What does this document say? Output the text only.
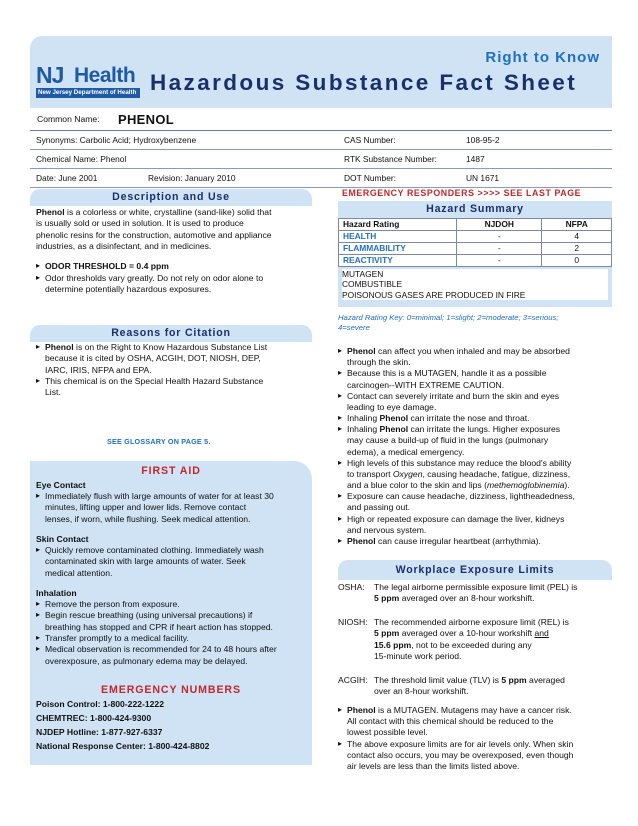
NJ Health
New Jersey Department of Health
Right to Know
Hazardous Substance Fact Sheet
Common Name: PHENOL
Synonyms: Carbolic Acid; Hydroxybenzene	CAS Number:	108-95-2
Chemical Name: Phenol	RTK Substance Number:	1487
Date: June 2001	Revision: January 2010	DOT Number:	UN 1671
Description and Use
Phenol is a colorless or white, crystalline (sand-like) solid that
is usually sold or used in solution. It is used to produce
phenolic resins for the construction, automotive and appliance
industries, as a disinfectant, and in medicines.
▸ ODOR THRESHOLD = 0.4 ppm
▸ Odor thresholds vary greatly. Do not rely on odor alone to
determine potentially hazardous exposures.
Reasons for Citation
▸ Phenol is on the Right to Know Hazardous Substance List
because it is cited by OSHA, ACGIH, DOT, NIOSH, DEP,
IARC, IRIS, NFPA and EPA.
▸ This chemical is on the Special Health Hazard Substance
List.
SEE GLOSSARY ON PAGE 5.
FIRST AID
Eye Contact
▸ Immediately flush with large amounts of water for at least 30
minutes, lifting upper and lower lids. Remove contact
lenses, if worn, while flushing. Seek medical attention.
Skin Contact
▸ Quickly remove contaminated clothing. Immediately wash
contaminated skin with large amounts of water. Seek
medical attention.
Inhalation
▸ Remove the person from exposure.
▸ Begin rescue breathing (using universal precautions) if
breathing has stopped and CPR if heart action has stopped.
▸ Transfer promptly to a medical facility.
▸ Medical observation is recommended for 24 to 48 hours after
overexposure, as pulmonary edema may be delayed.
EMERGENCY NUMBERS
Poison Control: 1-800-222-1222
CHEMTREC: 1-800-424-9300
NJDEP Hotline: 1-877-927-6337
National Response Center: 1-800-424-8802
EMERGENCY RESPONDERS >>>> SEE LAST PAGE
Hazard Summary
Hazard Rating	NJDOH	NFPA
HEALTH	-	4
FLAMMABILITY	-	2
REACTIVITY	-	0
MUTAGEN
COMBUSTIBLE
POISONOUS GASES ARE PRODUCED IN FIRE
Hazard Rating Key: 0=minimal; 1=slight; 2=moderate; 3=serious;
4=severe
▸ Phenol can affect you when inhaled and may be absorbed
through the skin.
▸ Because this is a MUTAGEN, handle it as a possible
carcinogen--WITH EXTREME CAUTION.
▸ Contact can severely irritate and burn the skin and eyes
leading to eye damage.
▸ Inhaling Phenol can irritate the nose and throat.
▸ Inhaling Phenol can irritate the lungs. Higher exposures
may cause a build-up of fluid in the lungs (pulmonary
edema), a medical emergency.
▸ High levels of this substance may reduce the blood's ability
to transport Oxygen, causing headache, fatigue, dizziness,
and a blue color to the skin and lips (methemoglobinemia).
▸ Exposure can cause headache, dizziness, lightheadedness,
and passing out.
▸ High or repeated exposure can damage the liver, kidneys
and nervous system.
▸ Phenol can cause irregular heartbeat (arrhythmia).
Workplace Exposure Limits
OSHA: The legal airborne permissible exposure limit (PEL) is
5 ppm averaged over an 8-hour workshift.
NIOSH: The recommended airborne exposure limit (REL) is
5 ppm averaged over a 10-hour workshift and
15.6 ppm, not to be exceeded during any
15-minute work period.
ACGIH: The threshold limit value (TLV) is 5 ppm averaged
over an 8-hour workshift.
▸ Phenol is a MUTAGEN. Mutagens may have a cancer risk.
All contact with this chemical should be reduced to the
lowest possible level.
▸ The above exposure limits are for air levels only. When skin
contact also occurs, you may be overexposed, even though
air levels are less than the limits listed above.
